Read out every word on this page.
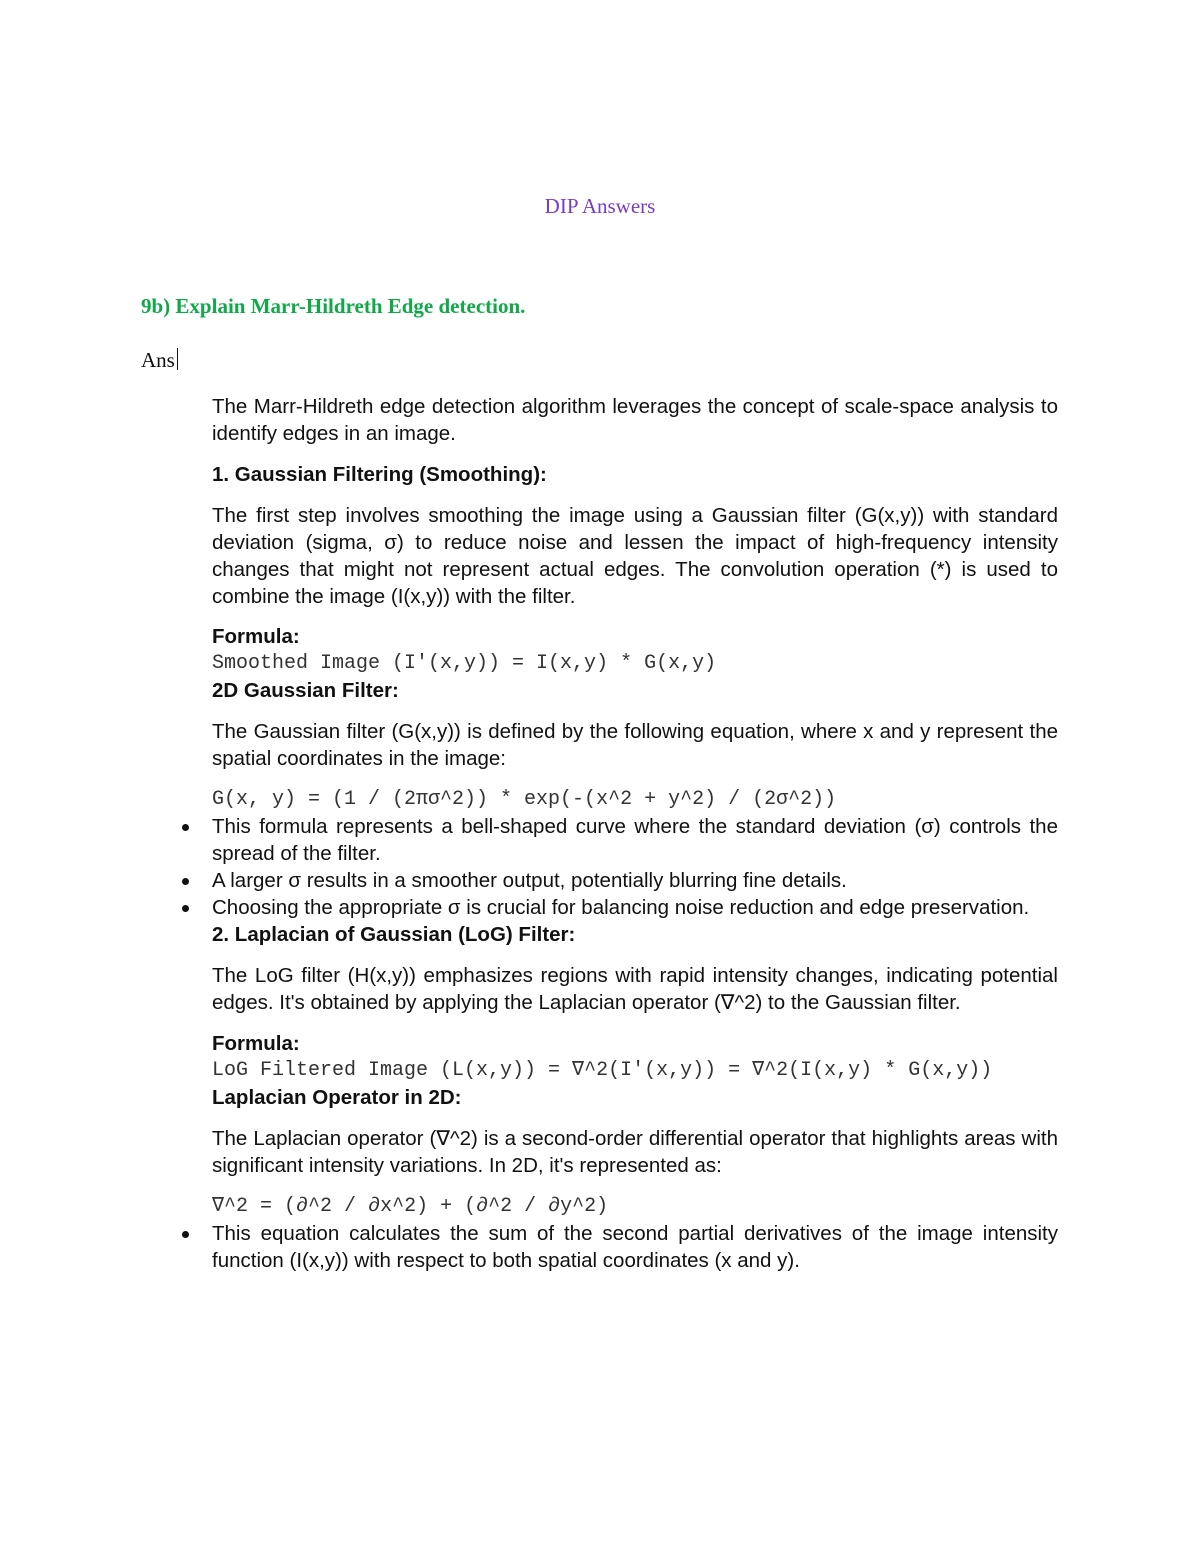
DIP Answers
9b) Explain Marr-Hildreth Edge detection.
Ans

The Marr-Hildreth edge detection algorithm leverages the concept of scale-space analysis to identify edges in an image.

1. Gaussian Filtering (Smoothing):

The first step involves smoothing the image using a Gaussian filter (G(x,y)) with standard deviation (sigma, σ) to reduce noise and lessen the impact of high-frequency intensity changes that might not represent actual edges. The convolution operation (*) is used to combine the image (I(x,y)) with the filter.

Formula:

Smoothed Image (I'(x,y)) = I(x,y) * G(x,y)

2D Gaussian Filter:

The Gaussian filter (G(x,y)) is defined by the following equation, where x and y represent the spatial coordinates in the image:

G(x, y) = (1 / (2πσ^2)) * exp(-(x^2 + y^2) / (2σ^2))

This formula represents a bell-shaped curve where the standard deviation (σ) controls the spread of the filter.
A larger σ results in a smoother output, potentially blurring fine details.
Choosing the appropriate σ is crucial for balancing noise reduction and edge preservation.

2. Laplacian of Gaussian (LoG) Filter:

The LoG filter (H(x,y)) emphasizes regions with rapid intensity changes, indicating potential edges. It's obtained by applying the Laplacian operator (∇^2) to the Gaussian filter.

Formula:

LoG Filtered Image (L(x,y)) = ∇^2(I'(x,y)) = ∇^2(I(x,y) * G(x,y))

Laplacian Operator in 2D:

The Laplacian operator (∇^2) is a second-order differential operator that highlights areas with significant intensity variations. In 2D, it's represented as:

∇^2 = (∂^2 / ∂x^2) + (∂^2 / ∂y^2)

This equation calculates the sum of the second partial derivatives of the image intensity function (I(x,y)) with respect to both spatial coordinates (x and y).
